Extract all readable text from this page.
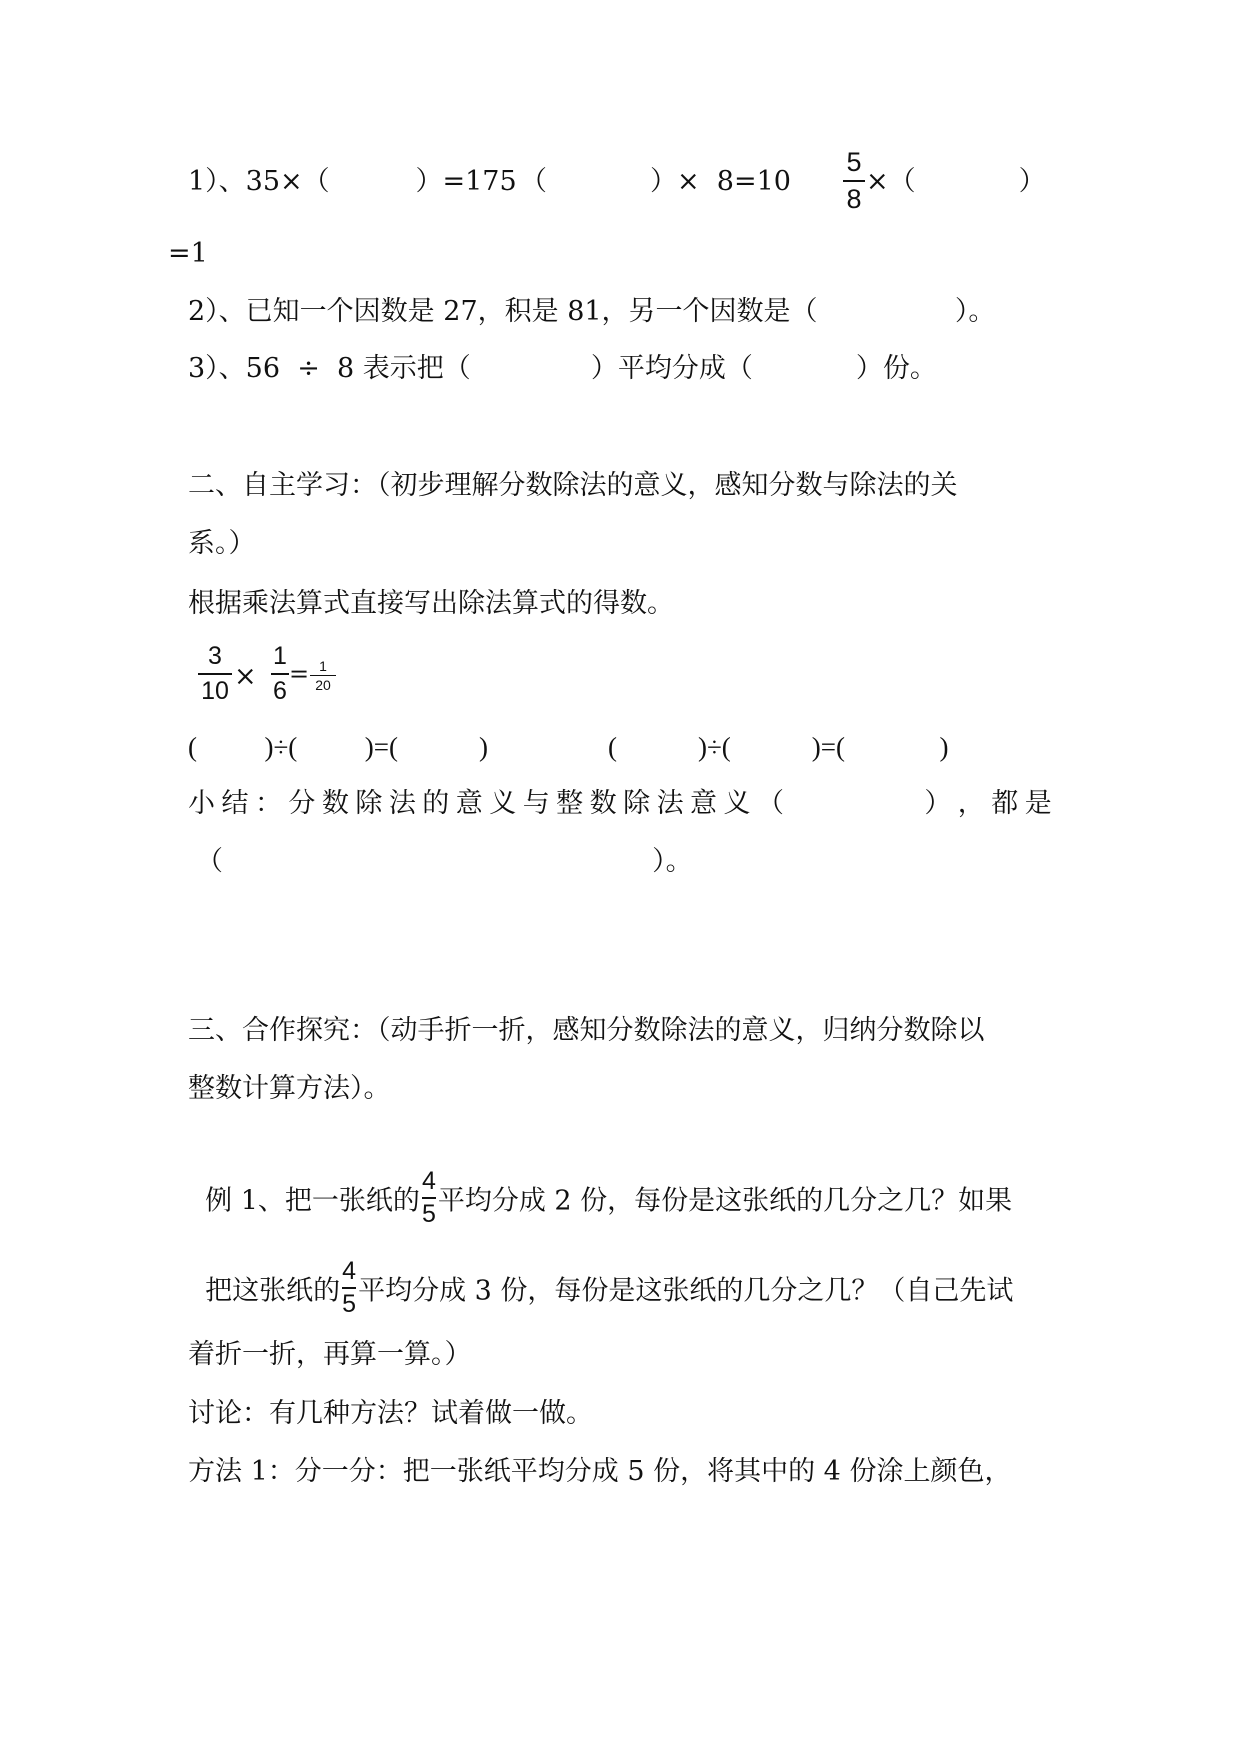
1）、35×（          ）=175 （            ）×  8=10
5
8
×（            ）
=1
2）、已知一个因数是 27，积是 81，另一个因数是（                ）。
3）、56  ÷  8 表示把（              ）平均分成（            ）份。
二、自主学习：（初步理解分数除法的意义，感知分数与除法的关
系。）
根据乘法算式直接写出除法算式的得数。
3
10 ×
1
6
= 1
20
(          )÷(          )=(            )	(            )÷(            )=(              )
小 结 ： 分 数 除 法 的 意 义 与 整 数 除 法 意 义 （

　	） ， 都 是
（                                                  ）。
三、合作探究：（动手折一折，感知分数除法的意义，归纳分数除以
整数计算方法）。

例 1、把一张纸的 $\frac{4}{5}$ 平均分成 2 份，每份是这张纸的几分之几？如果

把这张纸的 $\frac{4}{5}$ 平均分成 3 份，每份是这张纸的几分之几？（自己先试

着折一折，再算一算。）
讨论：有几种方法？试着做一做。
方法 1：分一分：把一张纸平均分成 5 份，将其中的 4 份涂上颜色，
